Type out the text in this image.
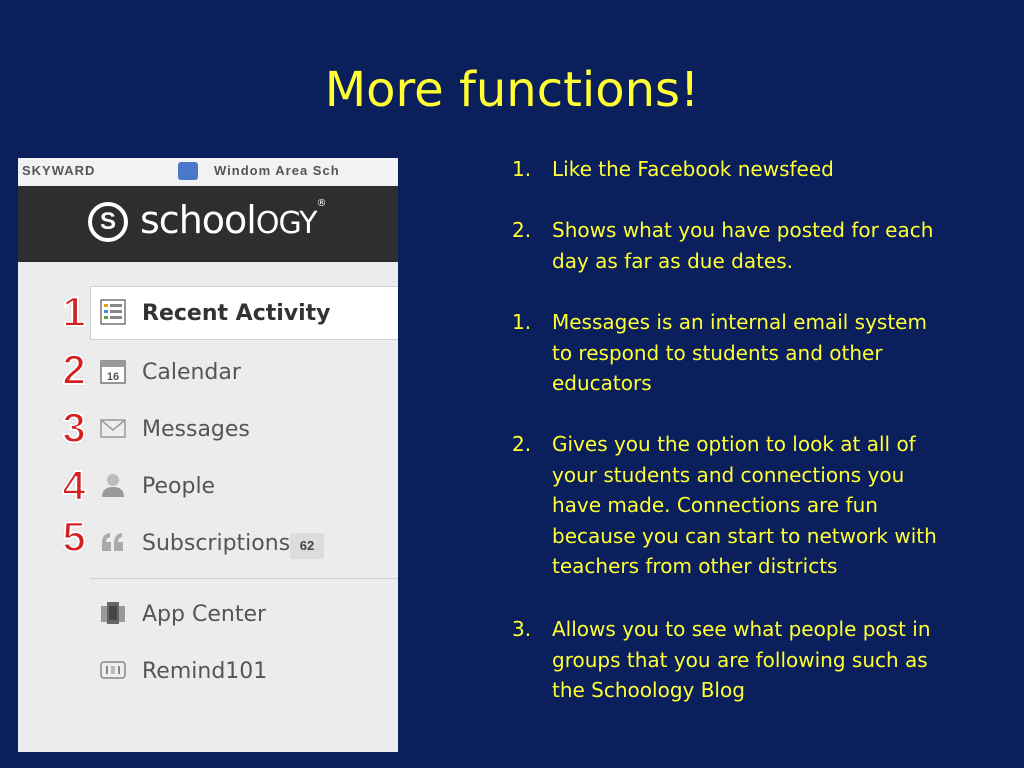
More functions!
SKYWARD	Windom Area Sch
S schoolOGY®
Recent Activity
16 Calendar
Messages
People
Subscriptions 62
App Center
Remind101
1
2
3
4
5
1.	Like the Facebook newsfeed
2.	Shows what you have posted for each day as far as due dates.
1.	Messages is an internal email system to respond to students and other educators
2.	Gives you the option to look at all of your students and connections you have made. Connections are fun because you can start to network with teachers from other districts
3.	Allows you to see what people post in groups that you are following such as the Schoology Blog
